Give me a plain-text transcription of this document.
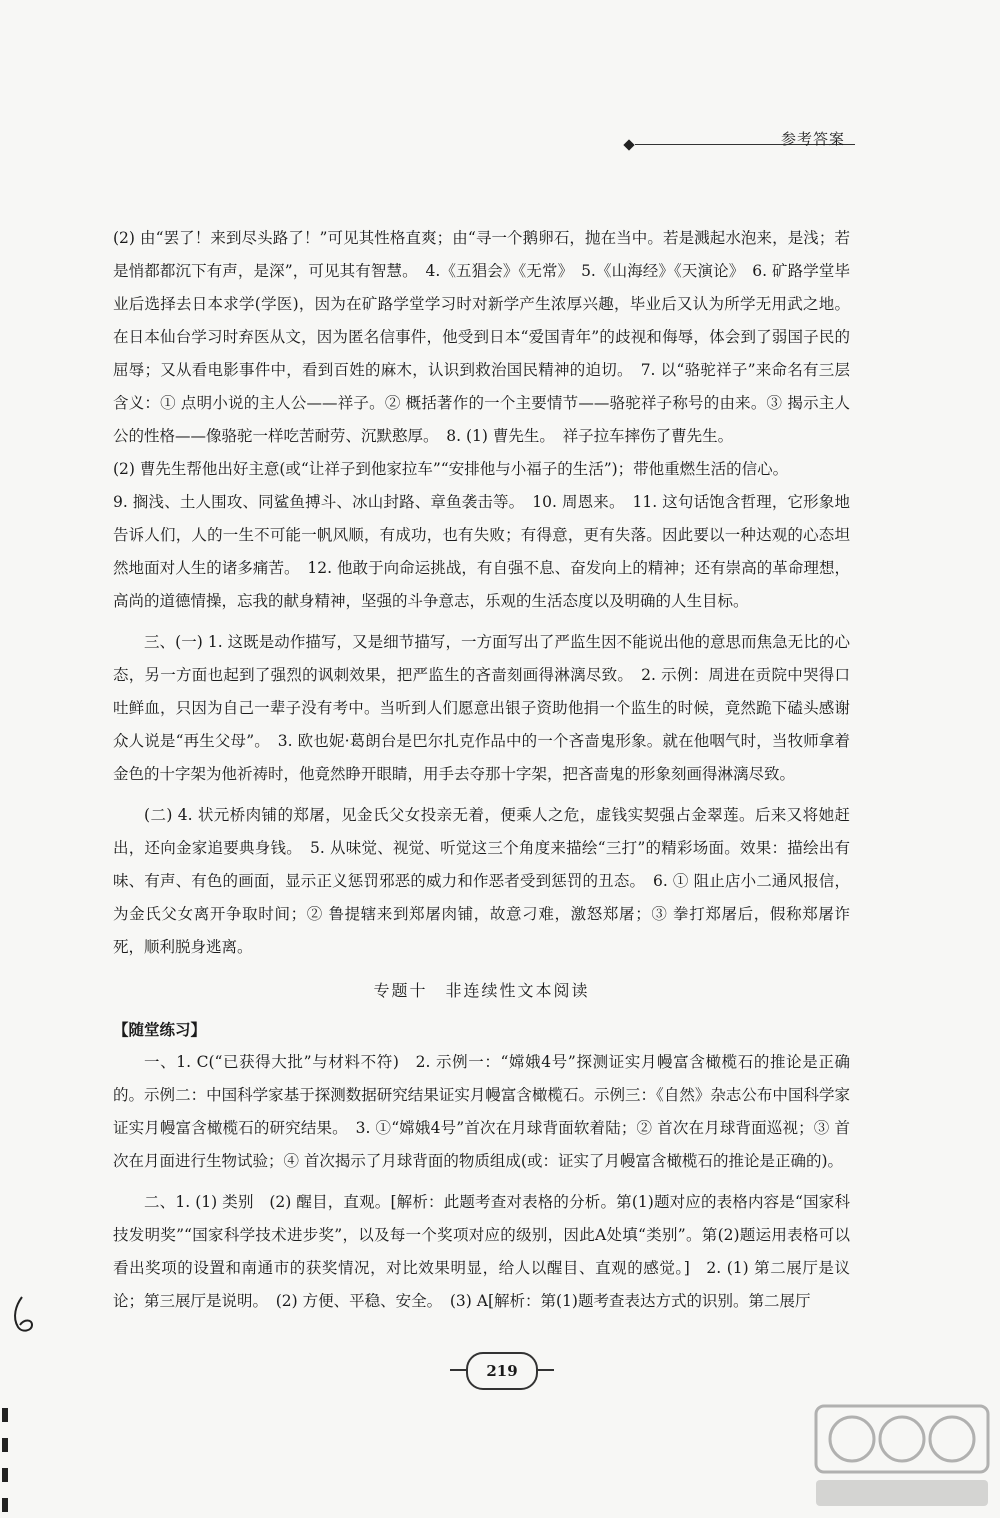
参考答案

(2) 由“罢了！来到尽头路了！”可见其性格直爽；由“寻一个鹅卵石，抛在当中。若是溅起水泡来，是浅；若是悄都都沉下有声，是深”，可见其有智慧。　4.《五猖会》《无常》　5.《山海经》《天演论》　6. 矿路学堂毕业后选择去日本求学(学医)，因为在矿路学堂学习时对新学产生浓厚兴趣，毕业后又认为所学无用武之地。在日本仙台学习时弃医从文，因为匿名信事件，他受到日本“爱国青年”的歧视和侮辱，体会到了弱国子民的屈辱；又从看电影事件中，看到百姓的麻木，认识到救治国民精神的迫切。　7. 以“骆驼祥子”来命名有三层含义：① 点明小说的主人公——祥子。② 概括著作的一个主要情节——骆驼祥子称号的由来。③ 揭示主人公的性格——像骆驼一样吃苦耐劳、沉默憨厚。　8. (1) 曹先生。　祥子拉车摔伤了曹先生。

(2) 曹先生帮他出好主意(或“让祥子到他家拉车”“安排他与小福子的生活”)；带他重燃生活的信心。

9. 搁浅、土人围攻、同鲨鱼搏斗、冰山封路、章鱼袭击等。　10. 周恩来。　11. 这句话饱含哲理，它形象地告诉人们，人的一生不可能一帆风顺，有成功，也有失败；有得意，更有失落。因此要以一种达观的心态坦然地面对人生的诸多痛苦。　12. 他敢于向命运挑战，有自强不息、奋发向上的精神；还有崇高的革命理想，高尚的道德情操，忘我的献身精神，坚强的斗争意志，乐观的生活态度以及明确的人生目标。

三、(一) 1. 这既是动作描写，又是细节描写，一方面写出了严监生因不能说出他的意思而焦急无比的心态，另一方面也起到了强烈的讽刺效果，把严监生的吝啬刻画得淋漓尽致。　2. 示例：周进在贡院中哭得口吐鲜血，只因为自己一辈子没有考中。当听到人们愿意出银子资助他捐一个监生的时候，竟然跪下磕头感谢众人说是“再生父母”。　3. 欧也妮·葛朗台是巴尔扎克作品中的一个吝啬鬼形象。就在他咽气时，当牧师拿着金色的十字架为他祈祷时，他竟然睁开眼睛，用手去夺那十字架，把吝啬鬼的形象刻画得淋漓尽致。

(二) 4. 状元桥肉铺的郑屠，见金氏父女投亲无着，便乘人之危，虚钱实契强占金翠莲。后来又将她赶出，还向金家追要典身钱。　5. 从味觉、视觉、听觉这三个角度来描绘“三打”的精彩场面。效果：描绘出有味、有声、有色的画面，显示正义惩罚邪恶的威力和作恶者受到惩罚的丑态。　6. ① 阻止店小二通风报信，为金氏父女离开争取时间；② 鲁提辖来到郑屠肉铺，故意刁难，激怒郑屠；③ 拳打郑屠后，假称郑屠诈死，顺利脱身逃离。

专题十　非连续性文本阅读
【随堂练习】

一、1. C(“已获得大批”与材料不符)　2. 示例一：“嫦娥4号”探测证实月幔富含橄榄石的推论是正确的。示例二：中国科学家基于探测数据研究结果证实月幔富含橄榄石。示例三：《自然》杂志公布中国科学家证实月幔富含橄榄石的研究结果。　3. ①“嫦娥4号”首次在月球背面软着陆；② 首次在月球背面巡视；③ 首次在月面进行生物试验；④ 首次揭示了月球背面的物质组成(或：证实了月幔富含橄榄石的推论是正确的)。

二、1. (1) 类别　(2) 醒目，直观。[解析：此题考查对表格的分析。第(1)题对应的表格内容是“国家科技发明奖”“国家科学技术进步奖”，以及每一个奖项对应的级别，因此A处填“类别”。第(2)题运用表格可以看出奖项的设置和南通市的获奖情况，对比效果明显，给人以醒目、直观的感觉。]　2. (1) 第二展厅是议论；第三展厅是说明。　(2) 方便、平稳、安全。　(3) A[解析：第(1)题考查表达方式的识别。第二展厅

219
